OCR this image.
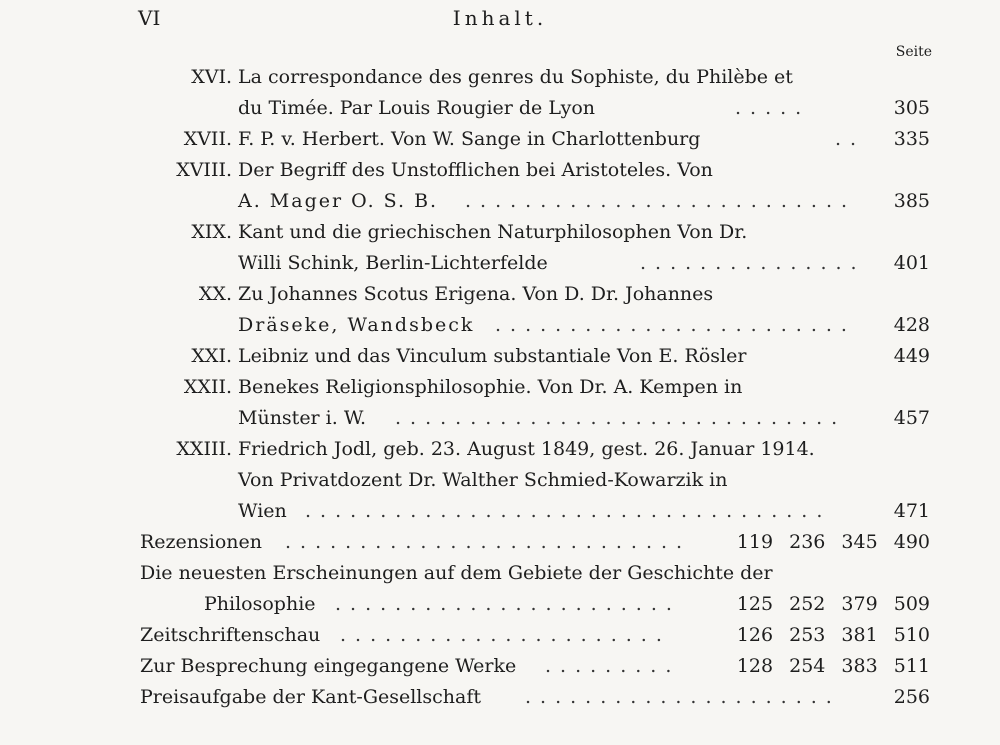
VI	Inhalt.
Seite
XVI. La correspondance des genres du Sophiste, du Philèbe et
du Timée. Par Louis Rougier de Lyon	.....	305
XVII. F. P. v. Herbert. Von W. Sange in Charlottenburg	..	335
XVIII. Der Begriff des Unstofflichen bei Aristoteles. Von
A. Mager O. S. B. ..........................	385
XIX. Kant und die griechischen Naturphilosophen Von Dr.
Willi Schink, Berlin-Lichterfelde	...............	401
XX. Zu Johannes Scotus Erigena. Von D. Dr. Johannes
Dräseke, Wandsbeck ........................	428
XXI. Leibniz und das Vinculum substantiale Von E. Rösler	449
XXII. Benekes Religionsphilosophie. Von Dr. A. Kempen in
Münster i. W. ..............................	457
XXIII. Friedrich Jodl, geb. 23. August 1849, gest. 26. Januar 1914.
Von Privatdozent Dr. Walther Schmied-Kowarzik in
Wien ...................................	471
Rezensionen ...........................	119 236 345 490
Die neuesten Erscheinungen auf dem Gebiete der Geschichte der
Philosophie .......................	125 252 379 509
Zeitschriftenschau ......................	126 253 381 510
Zur Besprechung eingegangene Werke .........	128 254 383 511
Preisaufgabe der Kant-Gesellschaft .....................	256
